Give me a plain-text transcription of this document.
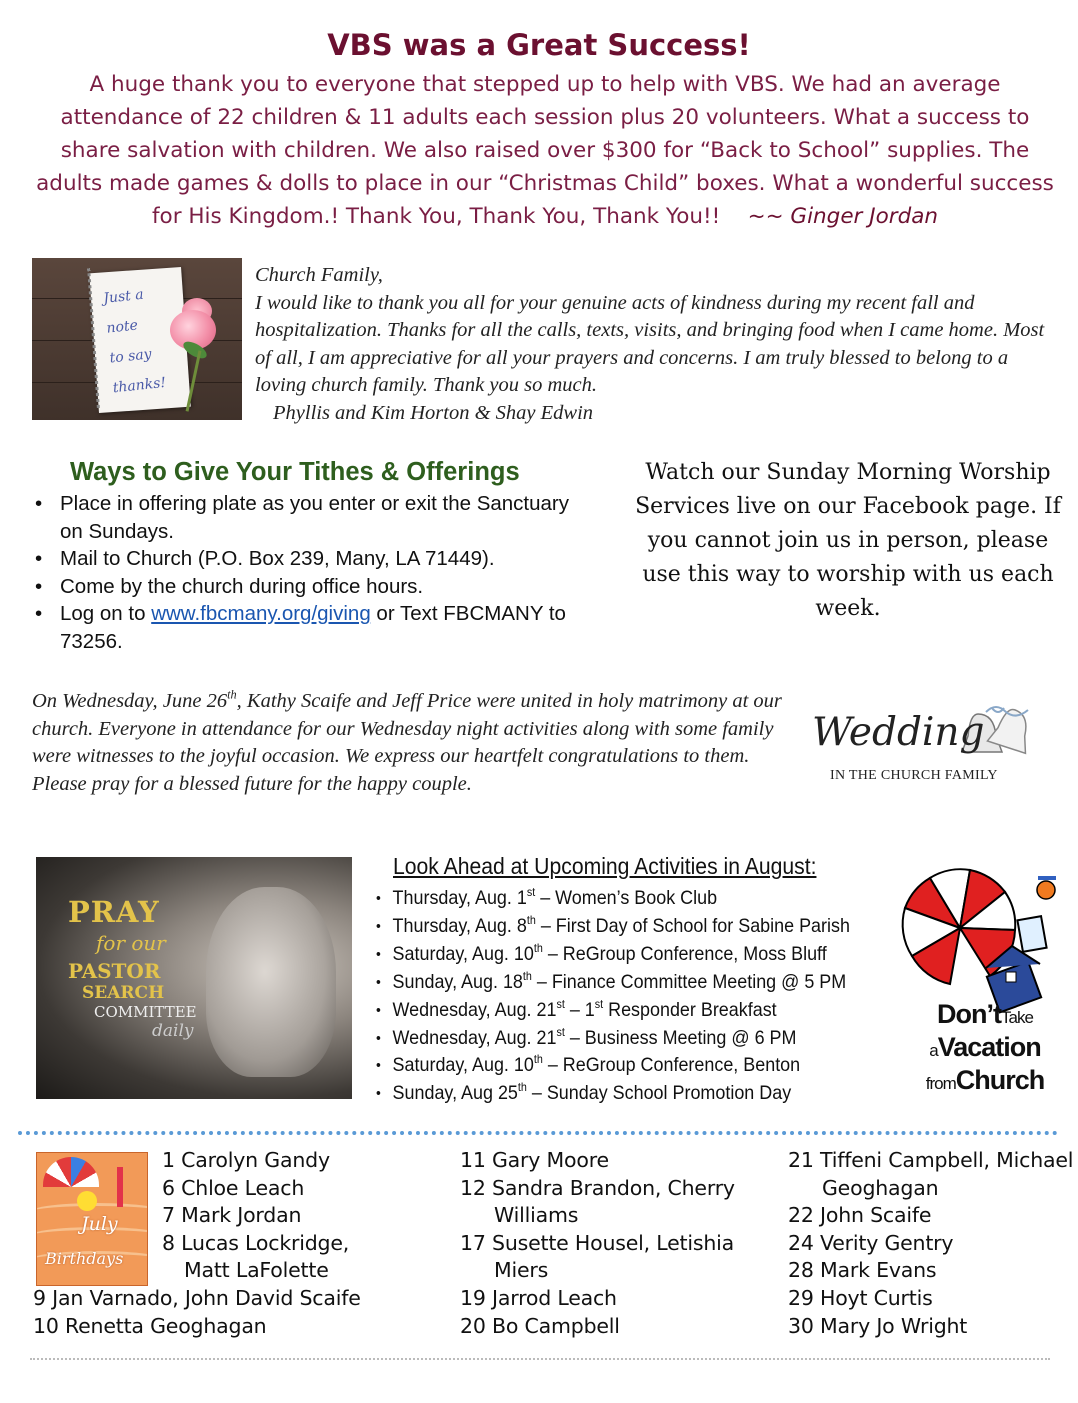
VBS was a Great Success!
A huge thank you to everyone that stepped up to help with VBS. We had an average attendance of 22 children & 11 adults each session plus 20 volunteers. What a success to share salvation with children. We also raised over $300 for “Back to School” supplies. The adults made games & dolls to place in our “Christmas Child” boxes. What a wonderful success for His Kingdom.! Thank You, Thank You, Thank You!! ~~ Ginger Jordan
Just a
note
to say
thanks!
Church Family,
I would like to thank you all for your genuine acts of kindness during my recent fall and hospitalization. Thanks for all the calls, texts, visits, and bringing food when I came home. Most of all, I am appreciative for all your prayers and concerns. I am truly blessed to belong to a loving church family. Thank you so much.
Phyllis and Kim Horton & Shay Edwin
Ways to Give Your Tithes & Offerings
• Place in offering plate as you enter or exit the Sanctuary on Sundays.
• Mail to Church (P.O. Box 239, Many, LA 71449).
• Come by the church during office hours.
• Log on to www.fbcmany.org/giving or Text FBCMANY to 73256.
Watch our Sunday Morning Worship Services live on our Facebook page. If you cannot join us in person, please use this way to worship with us each week.
On Wednesday, June 26th, Kathy Scaife and Jeff Price were united in holy matrimony at our church. Everyone in attendance for our Wednesday night activities along with some family were witnesses to the joyful occasion. We express our heartfelt congratulations to them. Please pray for a blessed future for the happy couple.
Wedding
IN THE CHURCH FAMILY
PRAY
for our
PASTOR
SEARCH
COMMITTEE
daily
Look Ahead at Upcoming Activities in August:
• Thursday, Aug. 1st – Women’s Book Club
• Thursday, Aug. 8th – First Day of School for Sabine Parish
• Saturday, Aug. 10th – ReGroup Conference, Moss Bluff
• Sunday, Aug. 18th – Finance Committee Meeting @ 5 PM
• Wednesday, Aug. 21st – 1st Responder Breakfast
• Wednesday, Aug. 21st – Business Meeting @ 6 PM
• Saturday, Aug. 10th – ReGroup Conference, Benton
• Sunday, Aug 25th – Sunday School Promotion Day
Don’tTake
aVacation
fromChurch
July
Birthdays
1 Carolyn Gandy
6 Chloe Leach
7 Mark Jordan
8 Lucas Lockridge,
Matt LaFolette
9 Jan Varnado, John David Scaife
10 Renetta Geoghagan
11 Gary Moore
12 Sandra Brandon, Cherry
Williams
17 Susette Housel, Letishia
Miers
19 Jarrod Leach
20 Bo Campbell
21 Tiffeni Campbell, Michael
Geoghagan
22 John Scaife
24 Verity Gentry
28 Mark Evans
29 Hoyt Curtis
30 Mary Jo Wright
